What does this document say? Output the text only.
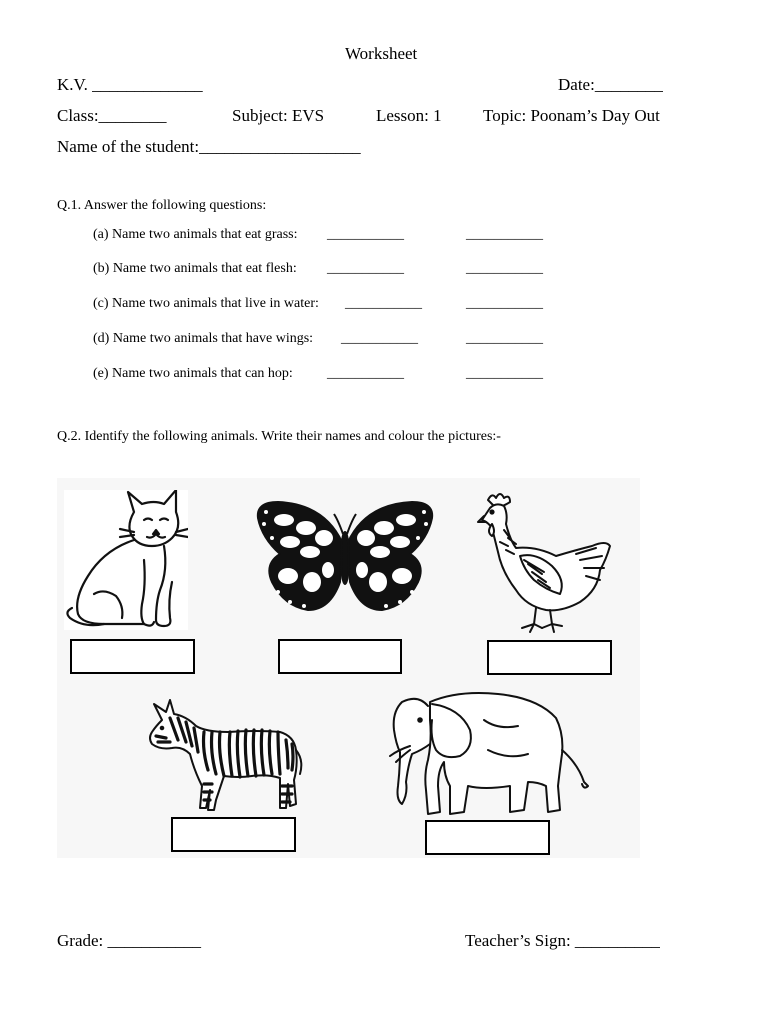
Worksheet
K.V. _____________	Date:________
Class:________	Subject: EVS	Lesson: 1 Topic: Poonam’s Day Out
Name of the student:___________________
Q.1. Answer the following questions:
(a) Name two animals that eat grass: ___________	___________
(b) Name two animals that eat flesh: ___________	___________
(c) Name two animals that live in water: ___________	___________
(d) Name two animals that have wings: ___________	___________
(e) Name two animals that can hop: ___________	___________
Q.2. Identify the following animals. Write their names and colour the pictures:-
Grade: ___________	Teacher’s Sign: __________
